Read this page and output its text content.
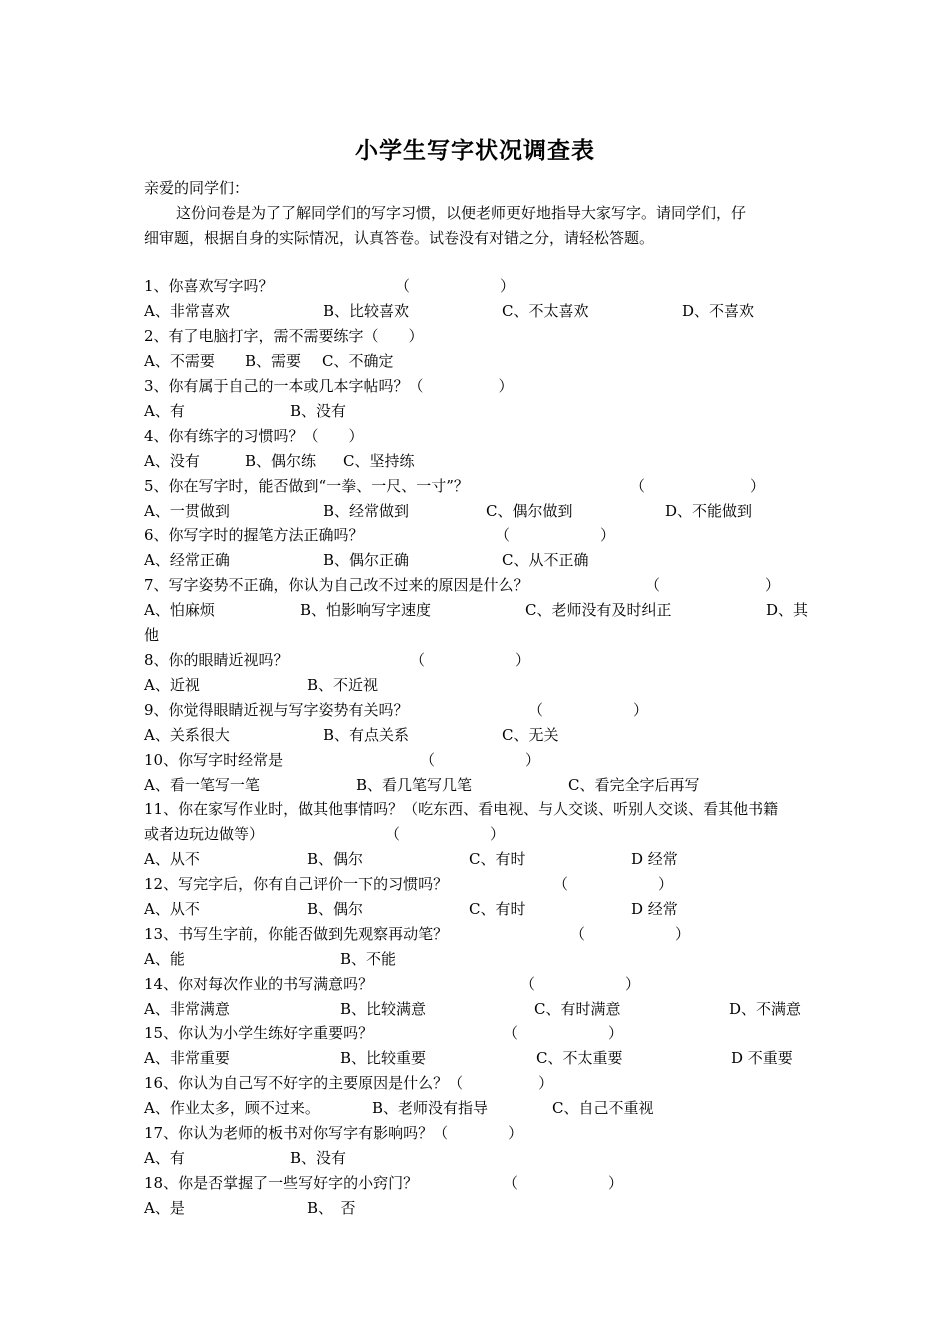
小学生写字状况调查表
亲爱的同学们：
这份问卷是为了了解同学们的写字习惯，以便老师更好地指导大家写字。请同学们，仔
细审题，根据自身的实际情况，认真答卷。试卷没有对错之分，请轻松答题。
1、你喜欢写字吗？	（　　　　　　）
A、非常喜欢	B、比较喜欢	C、不太喜欢	D、不喜欢
2、有了电脑打字，需不需要练字（　　）
A、不需要 B、需要 C、不确定
3、你有属于自己的一本或几本字帖吗？（　　　　　）
A、有	B、没有
4、你有练字的习惯吗？（　　）
A、没有	B、偶尔练 C、坚持练
5、你在写字时，能否做到“一拳、一尺、一寸”？	（　　　　　　　）
A、一贯做到	B、经常做到	C、偶尔做到	D、不能做到
6、你写字时的握笔方法正确吗？	（　　　　　　）
A、经常正确	B、偶尔正确	C、从不正确
7、写字姿势不正确，你认为自己改不过来的原因是什么？	（　　　　　　　）
A、怕麻烦	B、怕影响写字速度	C、老师没有及时纠正	D、其
他
8、你的眼睛近视吗？	（　　　　　　）
A、近视	B、不近视
9、你觉得眼睛近视与写字姿势有关吗？	（　　　　　　）
A、关系很大	B、有点关系	C、无关
10、你写字时经常是	（　　　　　　）
A、看一笔写一笔	B、看几笔写几笔	C、看完全字后再写
11、你在家写作业时，做其他事情吗？（吃东西、看电视、与人交谈、听别人交谈、看其他书籍
或者边玩边做等）	（　　　　　　）
A、从不	B、偶尔	C、有时	D 经常
12、写完字后，你有自己评价一下的习惯吗？	（　　　　　　）
A、从不	B、偶尔	C、有时	D 经常
13、书写生字前，你能否做到先观察再动笔？	（　　　　　　）
A、能	B、不能
14、你对每次作业的书写满意吗？	（　　　　　　）
A、非常满意	B、比较满意	C、有时满意	D、不满意
15、你认为小学生练好字重要吗？	（　　　　　　）
A、非常重要	B、比较重要	C、不太重要	D 不重要
16、你认为自己写不好字的主要原因是什么？（　　　　　）
A、作业太多，顾不过来。	B、老师没有指导	C、自己不重视
17、你认为老师的板书对你写字有影响吗？（　　　　）
A、有	B、没有
18、你是否掌握了一些写好字的小窍门？	（　　　　　　）
A、是	B、　否
